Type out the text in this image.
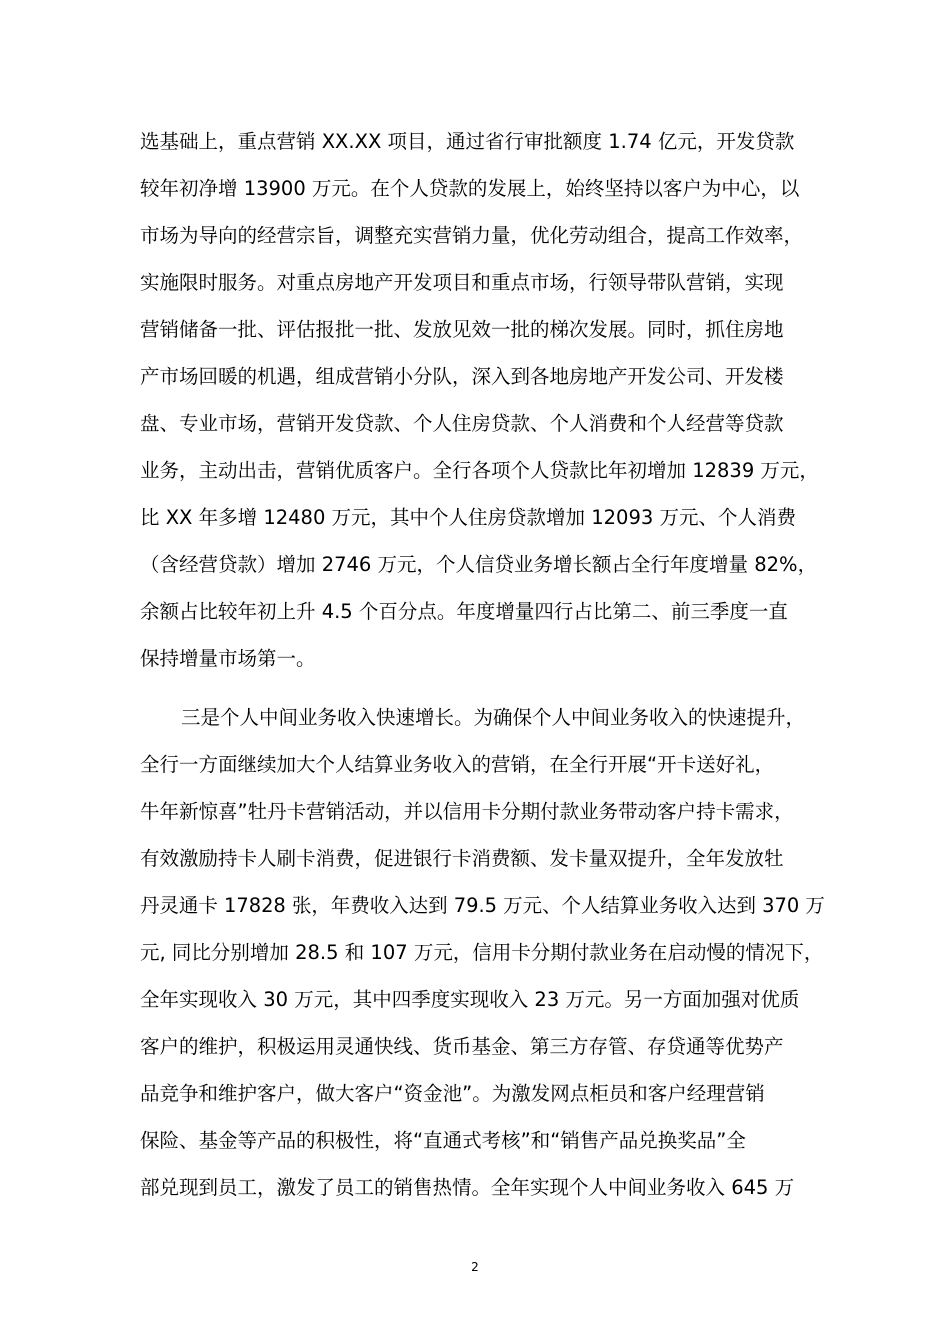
选基础上，重点营销 XX.XX 项目，通过省行审批额度 1.74 亿元，开发贷款
较年初净增 13900 万元。在个人贷款的发展上，始终坚持以客户为中心，以
市场为导向的经营宗旨，调整充实营销力量，优化劳动组合，提高工作效率，
实施限时服务。对重点房地产开发项目和重点市场，行领导带队营销，实现
营销储备一批、评估报批一批、发放见效一批的梯次发展。同时，抓住房地
产市场回暖的机遇，组成营销小分队，深入到各地房地产开发公司、开发楼
盘、专业市场，营销开发贷款、个人住房贷款、个人消费和个人经营等贷款
业务，主动出击，营销优质客户。全行各项个人贷款比年初增加 12839 万元，
比 XX 年多增 12480 万元，其中个人住房贷款增加 12093 万元、个人消费
（含经营贷款）增加 2746 万元，个人信贷业务增长额占全行年度增量 82%，
余额占比较年初上升 4.5 个百分点。年度增量四行占比第二、前三季度一直
保持增量市场第一。
三是个人中间业务收入快速增长。为确保个人中间业务收入的快速提升，
全行一方面继续加大个人结算业务收入的营销，在全行开展“开卡送好礼，
牛年新惊喜”牡丹卡营销活动，并以信用卡分期付款业务带动客户持卡需求，
有效激励持卡人刷卡消费，促进银行卡消费额、发卡量双提升，全年发放牡
丹灵通卡 17828 张，年费收入达到 79.5 万元、个人结算业务收入达到 370 万
元, 同比分别增加 28.5 和 107 万元，信用卡分期付款业务在启动慢的情况下，
全年实现收入 30 万元，其中四季度实现收入 23 万元。另一方面加强对优质
客户的维护，积极运用灵通快线、货币基金、第三方存管、存贷通等优势产
品竞争和维护客户，做大客户“资金池”。为激发网点柜员和客户经理营销
保险、基金等产品的积极性，将“直通式考核”和“销售产品兑换奖品”全
部兑现到员工，激发了员工的销售热情。全年实现个人中间业务收入 645 万
2
